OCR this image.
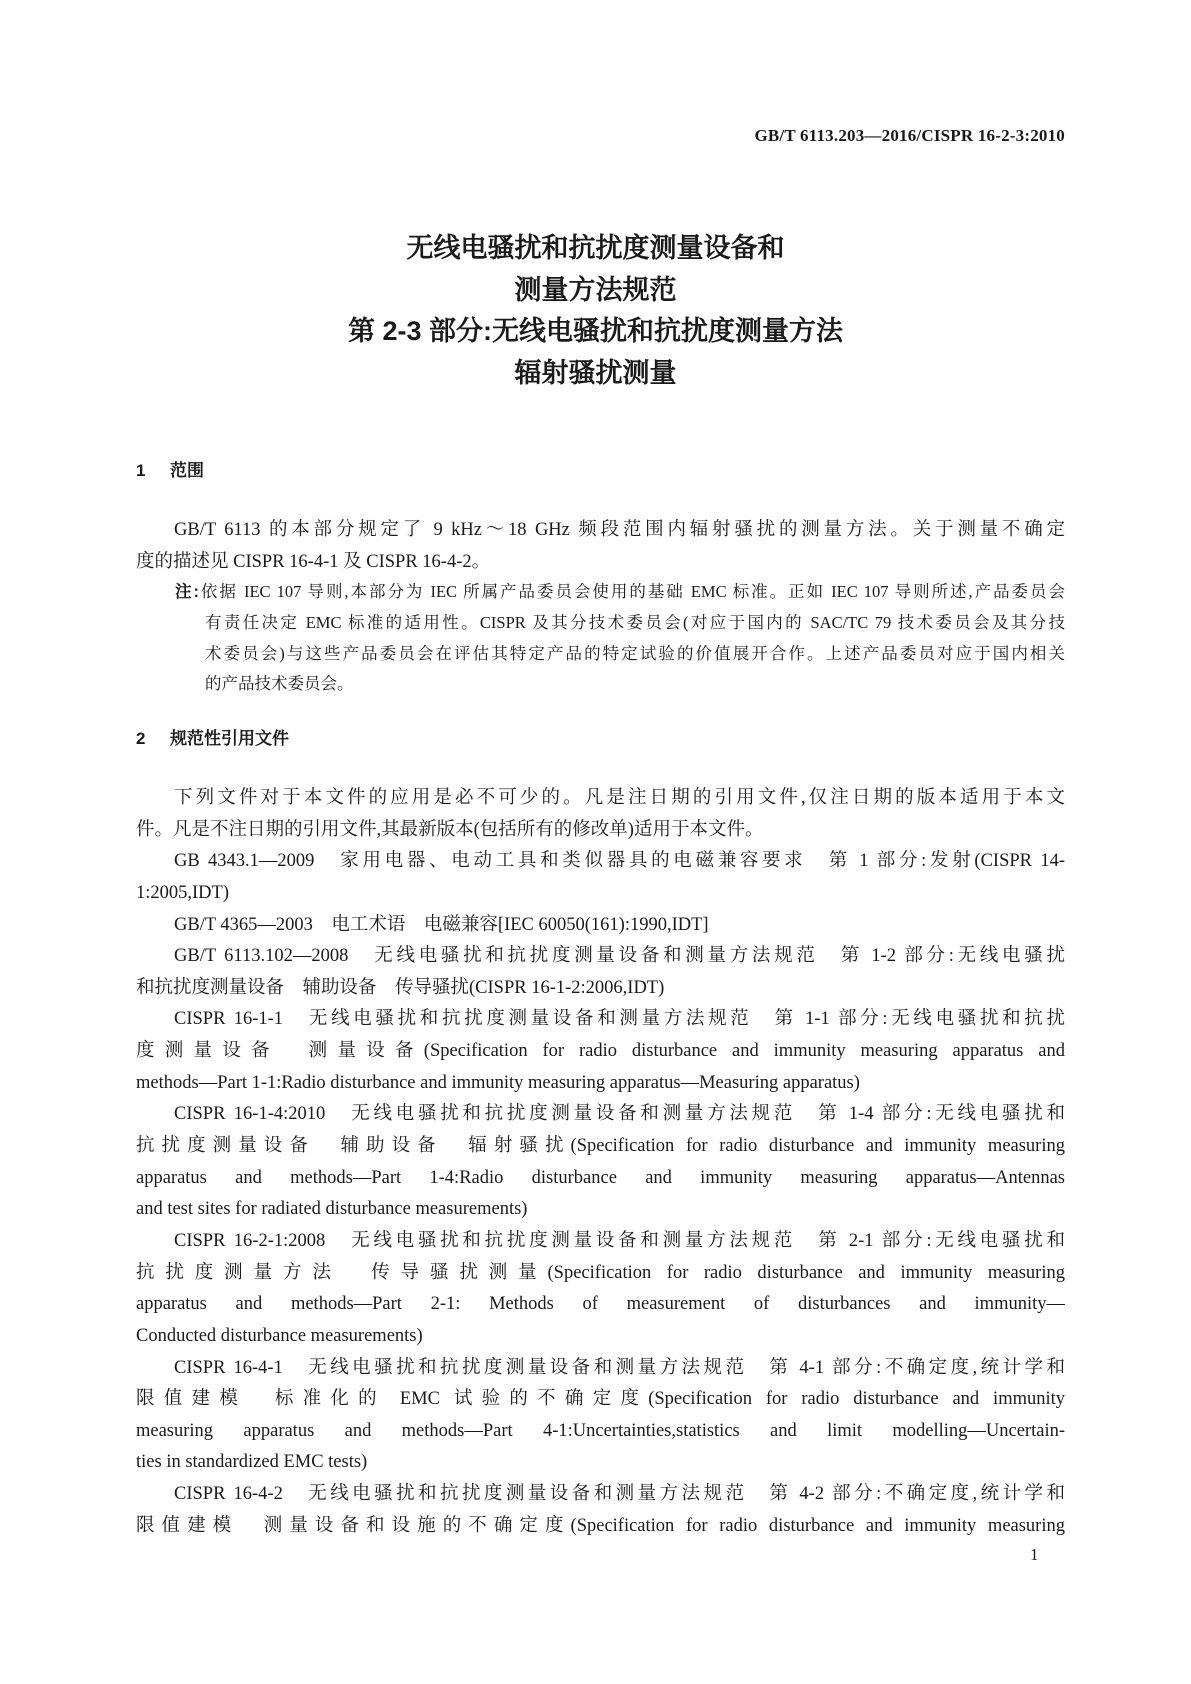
GB/T 6113.203—2016/CISPR 16-2-3:2010
无线电骚扰和抗扰度测量设备和
测量方法规范
第 2-3 部分:无线电骚扰和抗扰度测量方法
辐射骚扰测量
1 范围
GB/T 6113 的本部分规定了 9 kHz～18 GHz 频段范围内辐射骚扰的测量方法。关于测量不确定
度的描述见 CISPR 16-4-1 及 CISPR 16-4-2。
注:依据 IEC 107 导则,本部分为 IEC 所属产品委员会使用的基础 EMC 标准。正如 IEC 107 导则所述,产品委员会
有责任决定 EMC 标准的适用性。CISPR 及其分技术委员会(对应于国内的 SAC/TC 79 技术委员会及其分技
术委员会)与这些产品委员会在评估其特定产品的特定试验的价值展开合作。上述产品委员对应于国内相关
的产品技术委员会。
2 规范性引用文件
下列文件对于本文件的应用是必不可少的。凡是注日期的引用文件,仅注日期的版本适用于本文
件。凡是不注日期的引用文件,其最新版本(包括所有的修改单)适用于本文件。
GB 4343.1—2009　家用电器、电动工具和类似器具的电磁兼容要求　第 1 部分:发射(CISPR 14-
1:2005,IDT)
GB/T 4365—2003　电工术语　电磁兼容[IEC 60050(161):1990,IDT]
GB/T 6113.102—2008　无线电骚扰和抗扰度测量设备和测量方法规范　第 1-2 部分:无线电骚扰
和抗扰度测量设备　辅助设备　传导骚扰(CISPR 16-1-2:2006,IDT)
CISPR 16-1-1　无线电骚扰和抗扰度测量设备和测量方法规范　第 1-1 部分:无线电骚扰和抗扰
度测量设备　测量设备(Specification for radio disturbance and immunity measuring apparatus and
methods—Part 1-1:Radio disturbance and immunity measuring apparatus—Measuring apparatus)
CISPR 16-1-4:2010　无线电骚扰和抗扰度测量设备和测量方法规范　第 1-4 部分:无线电骚扰和
抗扰度测量设备　辅助设备　辐射骚扰(Specification for radio disturbance and immunity measuring
apparatus and methods—Part 1-4:Radio disturbance and immunity measuring apparatus—Antennas
and test sites for radiated disturbance measurements)
CISPR 16-2-1:2008　无线电骚扰和抗扰度测量设备和测量方法规范　第 2-1 部分:无线电骚扰和
抗扰度测量方法　传导骚扰测量(Specification for radio disturbance and immunity measuring
apparatus and methods—Part 2-1: Methods of measurement of disturbances and immunity—
Conducted disturbance measurements)
CISPR 16-4-1　无线电骚扰和抗扰度测量设备和测量方法规范　第 4-1 部分:不确定度,统计学和
限值建模　标准化的 EMC 试验的不确定度(Specification for radio disturbance and immunity
measuring apparatus and methods—Part 4-1:Uncertainties,statistics and limit modelling—Uncertain-
ties in standardized EMC tests)
CISPR 16-4-2　无线电骚扰和抗扰度测量设备和测量方法规范　第 4-2 部分:不确定度,统计学和
限值建模　测量设备和设施的不确定度(Specification for radio disturbance and immunity measuring
1
